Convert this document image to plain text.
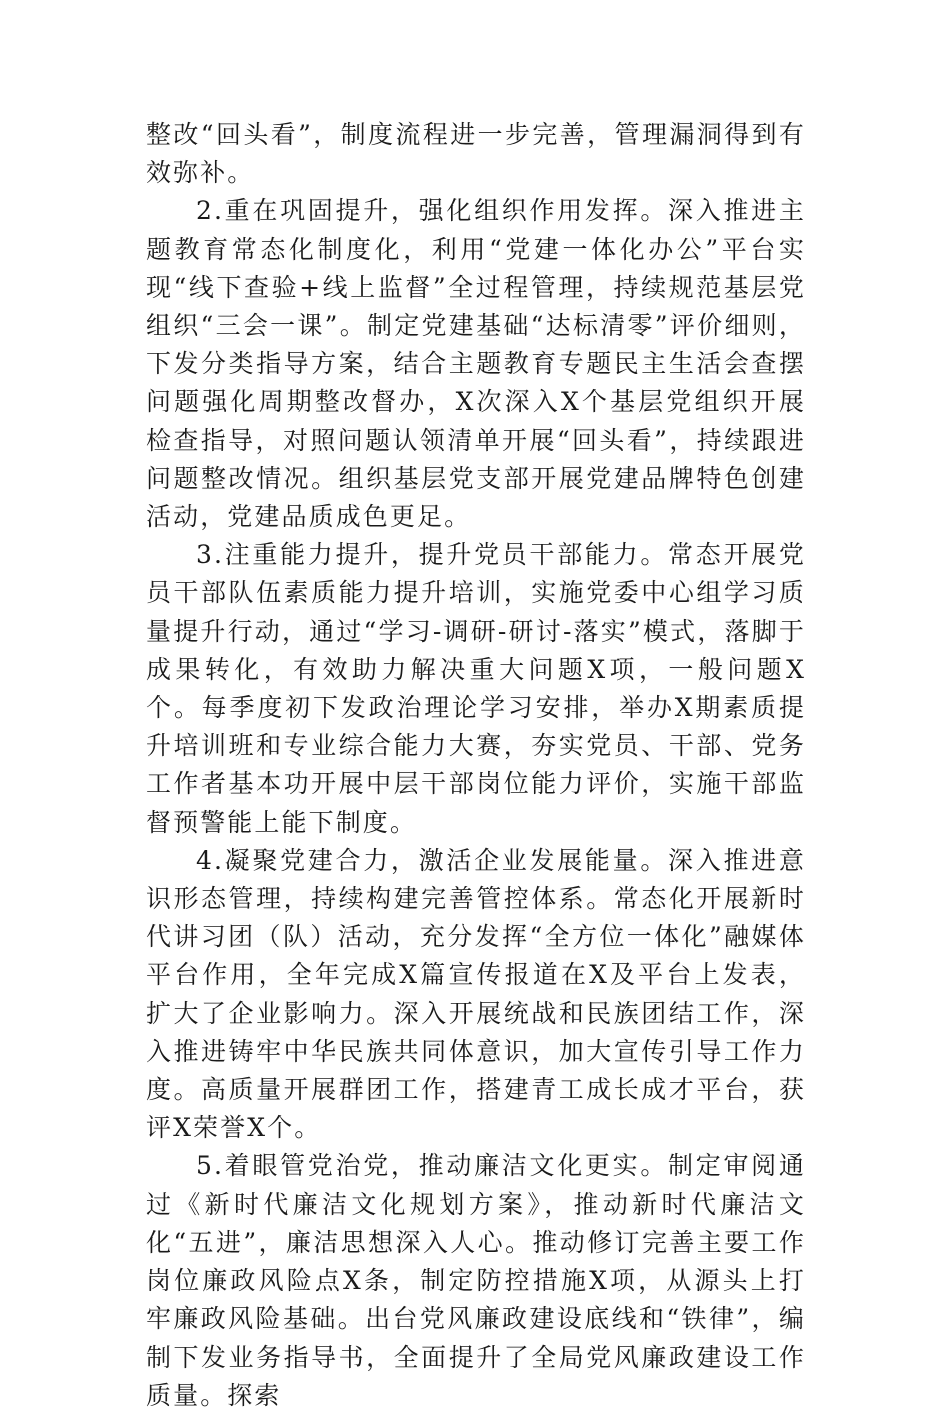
整改“回头看”，制度流程进一步完善，管理漏洞得到有效弥补。

2.重在巩固提升，强化组织作用发挥。深入推进主题教育常态化制度化，利用“党建一体化办公”平台实现“线下查验+线上监督”全过程管理，持续规范基层党组织“三会一课”。制定党建基础“达标清零”评价细则，下发分类指导方案，结合主题教育专题民主生活会查摆问题强化周期整改督办，X次深入X个基层党组织开展检查指导，对照问题认领清单开展“回头看”，持续跟进问题整改情况。组织基层党支部开展党建品牌特色创建活动，党建品质成色更足。

3.注重能力提升，提升党员干部能力。常态开展党员干部队伍素质能力提升培训，实施党委中心组学习质量提升行动，通过“学习-调研-研讨-落实”模式，落脚于成果转化，有效助力解决重大问题X项，一般问题X个。每季度初下发政治理论学习安排，举办X期素质提升培训班和专业综合能力大赛，夯实党员、干部、党务工作者基本功开展中层干部岗位能力评价，实施干部监督预警能上能下制度。

4.凝聚党建合力，激活企业发展能量。深入推进意识形态管理，持续构建完善管控体系。常态化开展新时代讲习团（队）活动，充分发挥“全方位一体化”融媒体平台作用，全年完成X篇宣传报道在X及平台上发表，扩大了企业影响力。深入开展统战和民族团结工作，深入推进铸牢中华民族共同体意识，加大宣传引导工作力度。高质量开展群团工作，搭建青工成长成才平台，获评X荣誉X个。

5.着眼管党治党，推动廉洁文化更实。制定审阅通过《新时代廉洁文化规划方案》，推动新时代廉洁文化“五进”，廉洁思想深入人心。推动修订完善主要工作岗位廉政风险点X条，制定防控措施X项，从源头上打牢廉政风险基础。出台党风廉政建设底线和“铁律”，编制下发业务指导书，全面提升了全局党风廉政建设工作质量。探索
